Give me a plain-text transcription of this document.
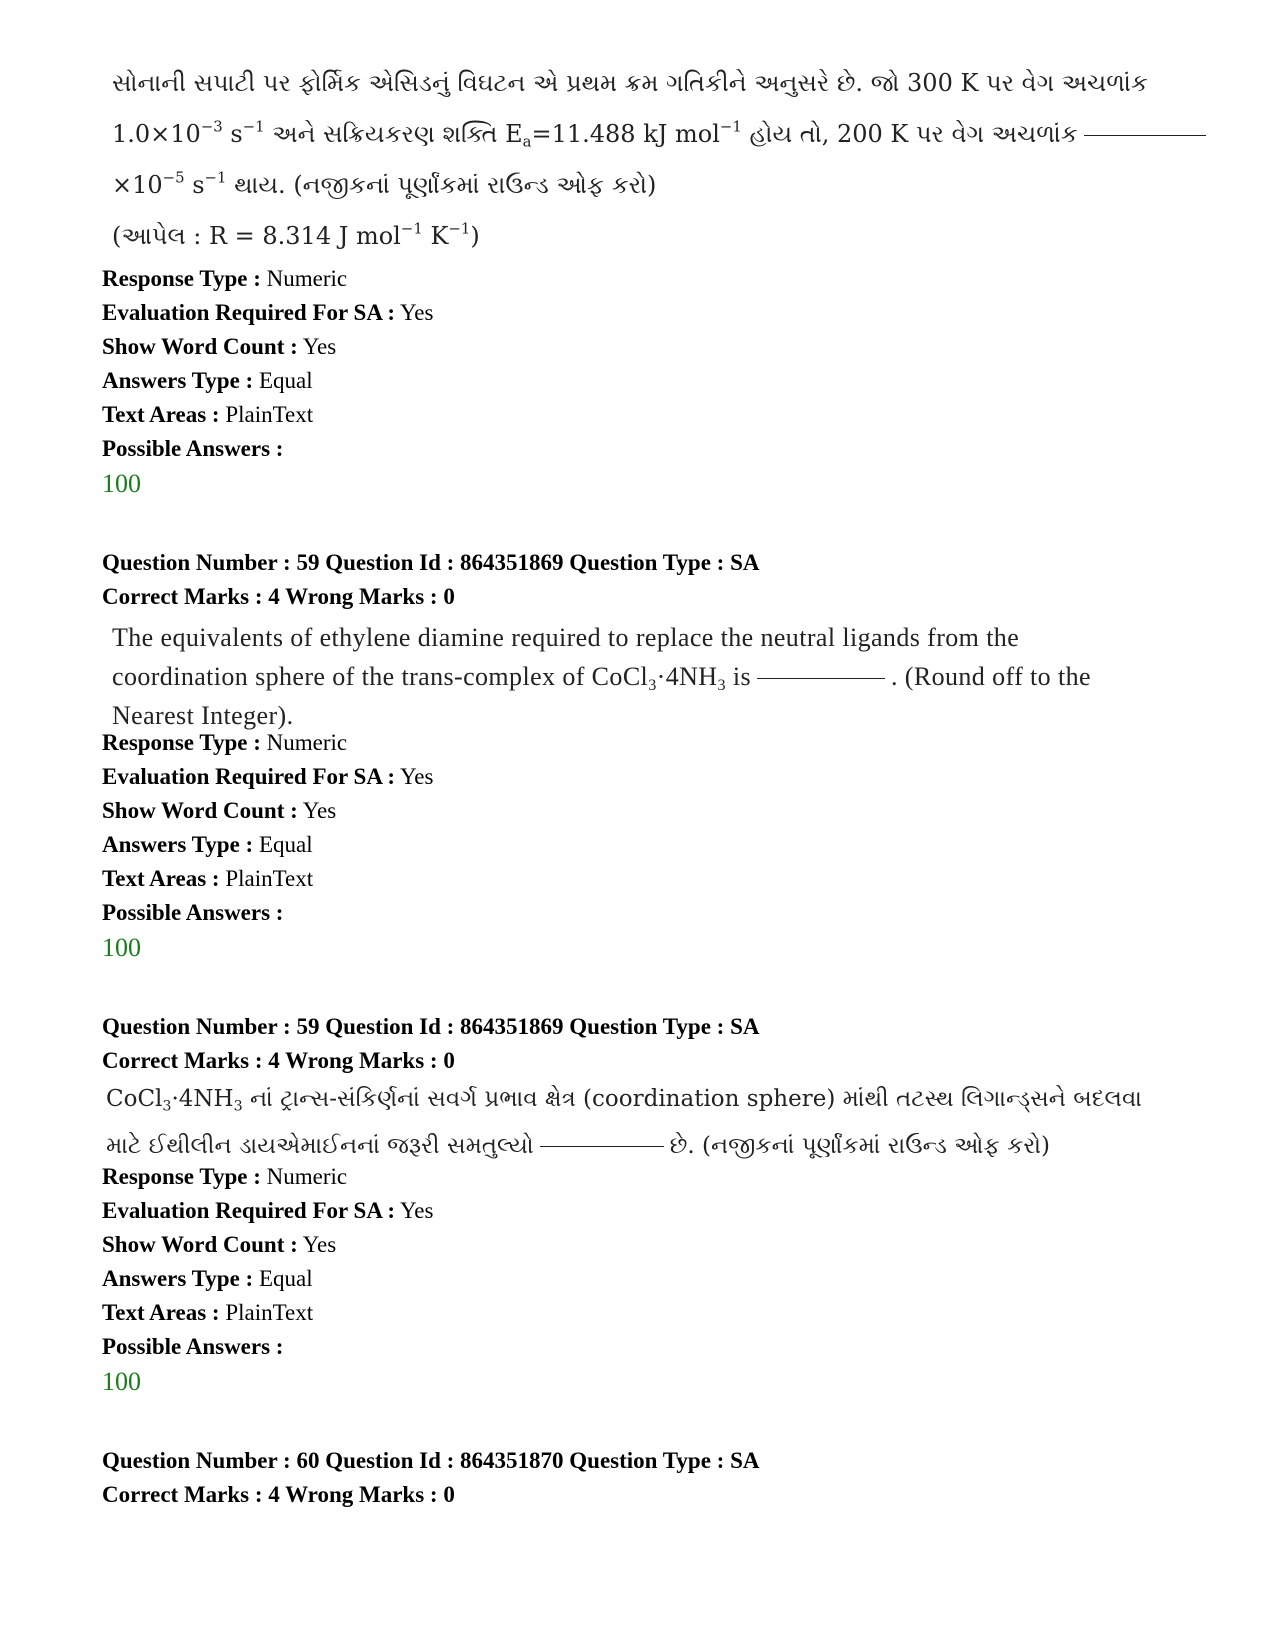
સોનાની સપાટી પર ફોર્મિક એસિડનું વિઘટન એ પ્રથમ ક્રમ ગતિકીને અનુસરે છે. જો 300 K પર વેગ અચળાંક
$1.0\times 10^{-3}$ $s^{-1}$ અને સક્રિયકરણ શક્તિ $E_a=11.488$ kJ mol$^{-1}$ હોય તો, 200 K પર વેગ અચળાંક
$\times 10^{-5}$ $s^{-1}$ થાય. (નજીકનાં પૂર્ણાંકમાં રાઉન્ડ ઓફ કરો)
(આપેલ : R = 8.314 J mol$^{-1}$ $K^{-1}$)
Response Type : Numeric
Evaluation Required For SA : Yes
Show Word Count : Yes
Answers Type : Equal
Text Areas : PlainText
Possible Answers :
100
Question Number : 59 Question Id : 864351869 Question Type : SA
Correct Marks : 4 Wrong Marks : 0
The equivalents of ethylene diamine required to replace the neutral ligands from the
coordination sphere of the trans-complex of $CoCl_3\cdot 4NH_3$ is	. (Round off to the
Nearest Integer).
Response Type : Numeric
Evaluation Required For SA : Yes
Show Word Count : Yes
Answers Type : Equal
Text Areas : PlainText
Possible Answers :
100
Question Number : 59 Question Id : 864351869 Question Type : SA
Correct Marks : 4 Wrong Marks : 0
$CoCl_3\cdot 4NH_3$ નાં ટ્રાન્સ-સંકિર્ણનાં સવર્ગ પ્રભાવ ક્ષેત્ર (coordination sphere) માંથી તટસ્થ લિગાન્ડ્સને બદલવા
માટે ઈથીલીન ડાયએમાઈનનાં જરૂરી સમતુલ્યો	છે. (નજીકનાં પૂર્ણાંકમાં રાઉન્ડ ઓફ કરો)
Response Type : Numeric
Evaluation Required For SA : Yes
Show Word Count : Yes
Answers Type : Equal
Text Areas : PlainText
Possible Answers :
100
Question Number : 60 Question Id : 864351870 Question Type : SA
Correct Marks : 4 Wrong Marks : 0
